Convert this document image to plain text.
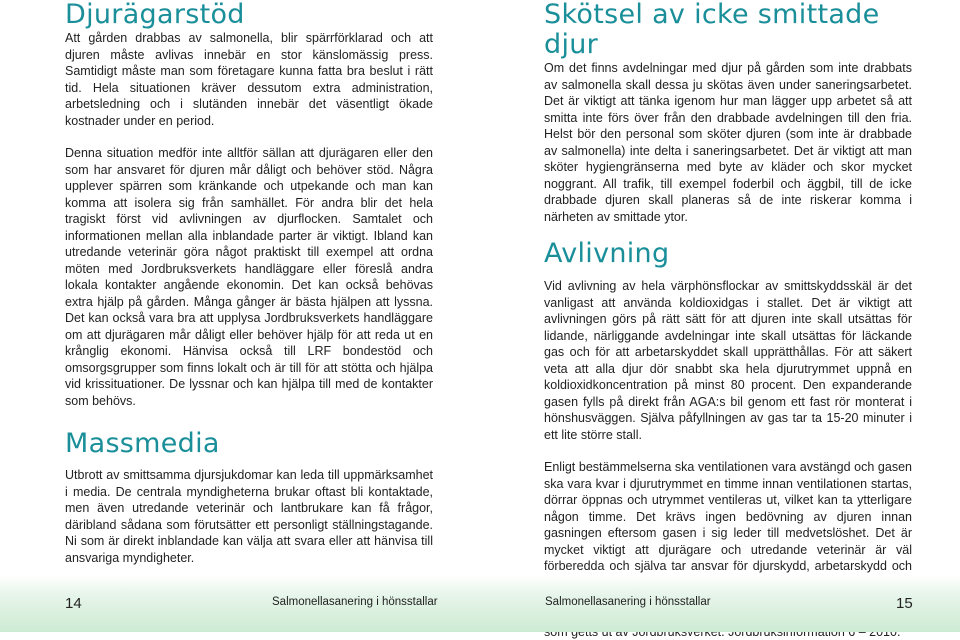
Djurägarstöd

Att gården drabbas av salmonella, blir spärrförklarad och att djuren måste avlivas innebär en stor känslomässig press. Samtidigt måste man som företagare kunna fatta bra beslut i rätt tid. Hela situationen kräver dessutom extra administration, arbetsledning och i slutänden innebär det väsentligt ökade kostnader under en period.

Denna situation medför inte alltför sällan att djurägaren eller den som har ansvaret för djuren mår dåligt och behöver stöd. Några upplever spärren som kränkande och utpekande och man kan komma att isolera sig från samhället. För andra blir det hela tragiskt först vid avlivningen av djurflocken. Samtalet och informationen mellan alla inblandade parter är viktigt. Ibland kan utredande veterinär göra något praktiskt till exempel att ordna möten med Jordbruksverkets handläggare eller föreslå andra lokala kontakter angående ekonomin. Det kan också behövas extra hjälp på gården. Många gånger är bästa hjälpen att lyssna. Det kan också vara bra att upplysa Jordbruksverkets handläggare om att djurägaren mår dåligt eller behöver hjälp för att reda ut en krånglig ekonomi. Hänvisa också till LRF bondestöd och omsorgsgrupper som finns lokalt och är till för att stötta och hjälpa vid krissituationer. De lyssnar och kan hjälpa till med de kontakter som behövs.

Massmedia

Utbrott av smittsamma djursjukdomar kan leda till uppmärksamhet i media. De centrala myndigheterna brukar oftast bli kontaktade, men även utredande veterinär och lantbrukare kan få frågor, däribland sådana som förutsätter ett personligt ställningstagande. Ni som är direkt inblandade kan välja att svara eller att hänvisa till ansvariga myndigheter.

Skötsel av icke smittade djur

Om det finns avdelningar med djur på gården som inte drabbats av salmonella skall dessa ju skötas även under saneringsarbetet. Det är viktigt att tänka igenom hur man lägger upp arbetet så att smitta inte förs över från den drabbade avdelningen till den fria. Helst bör den personal som sköter djuren (som inte är drabbade av salmonella) inte delta i saneringsarbetet. Det är viktigt att man sköter hygiengränserna med byte av kläder och skor mycket noggrant. All trafik, till exempel foderbil och äggbil, till de icke drabbade djuren skall planeras så de inte riskerar komma i närheten av smittade ytor.

Avlivning

Vid avlivning av hela värphönsflockar av smittskyddsskäl är det vanligast att använda koldioxidgas i stallet. Det är viktigt att avlivningen görs på rätt sätt för att djuren inte skall utsättas för lidande, närliggande avdelningar inte skall utsättas för läckande gas och för att arbetarskyddet skall upprätthållas. För att säkert veta att alla djur dör snabbt ska hela djurutrymmet uppnå en koldioxidkoncentration på minst 80 procent. Den expanderande gasen fylls på direkt från AGA:s bil genom ett fast rör monterat i hönshusväggen. Själva påfyllningen av gas tar ta 15-20 minuter i ett lite större stall.

Enligt bestämmelserna ska ventilationen vara avstängd och gasen ska vara kvar i djurutrymmet en timme innan ventilationen startas, dörrar öppnas och utrymmet ventileras ut, vilket kan ta ytterligare någon timme. Det krävs ingen bedövning av djuren innan gasningen eftersom gasen i sig leder till medvetslöshet. Det är mycket viktigt att djurägare och utredande veterinär är väl förberedda och själva tar ansvar för djurskydd, arbetarskydd och

14	Salmonellasanering i hönsstallar	Salmonellasanering i hönsstallar	15
